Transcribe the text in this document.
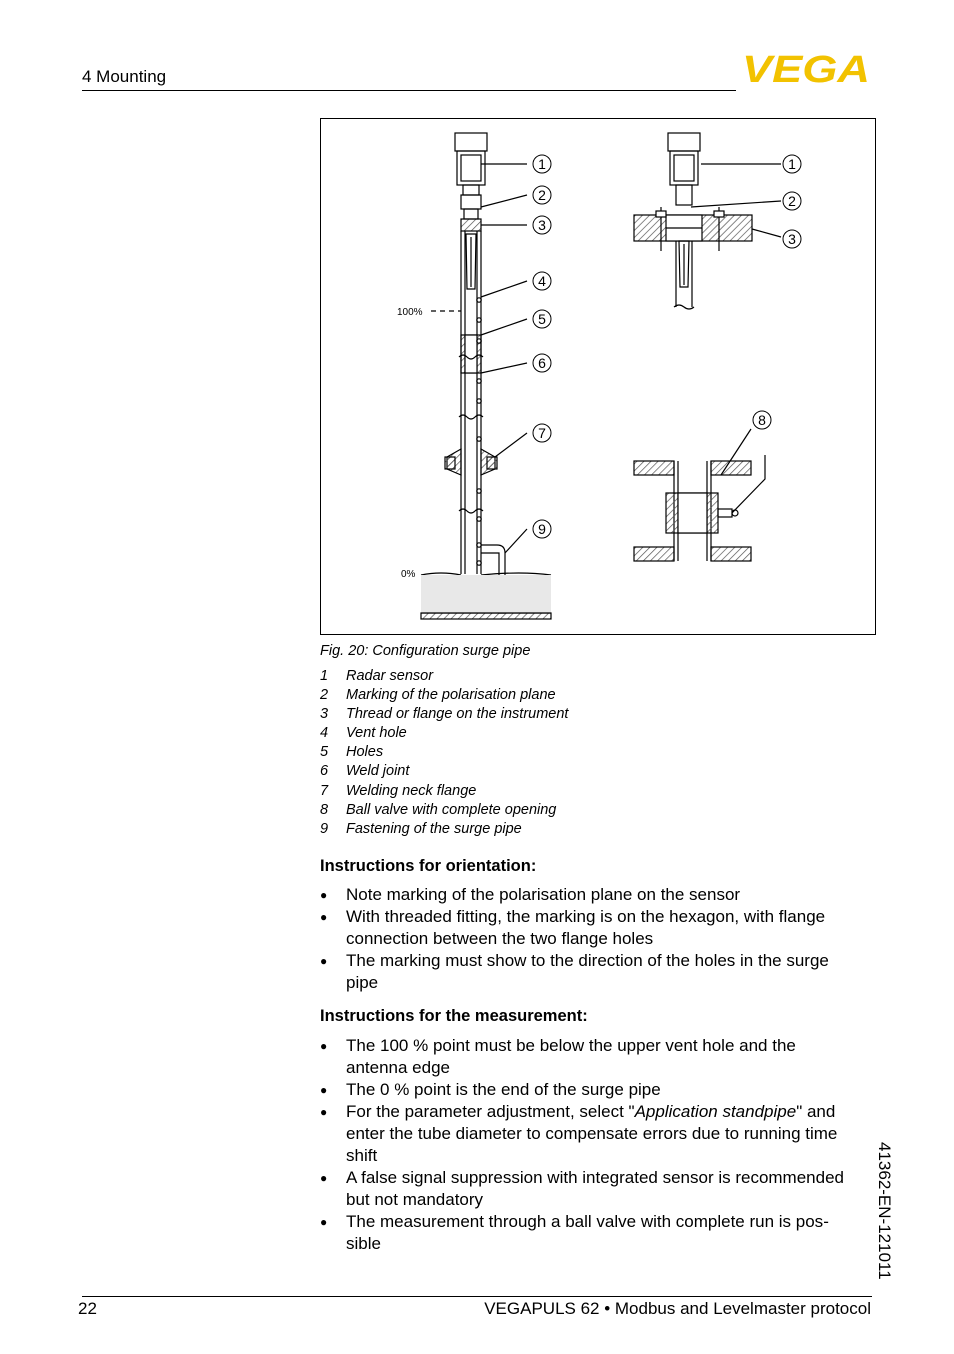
4 Mounting	VEGA
100%
0%
1
2
3
4
5
6
7
9
1
2
3
8
Fig. 20: Configuration surge pipe
1	Radar sensor
2	Marking of the polarisation plane
3	Thread or flange on the instrument
4	Vent hole
5	Holes
6	Weld joint
7	Welding neck flange
8	Ball valve with complete opening
9	Fastening of the surge pipe
Instructions for orientation:
● Note marking of the polarisation plane on the sensor
● With threaded fitting, the marking is on the hexagon, with flange connection between the two flange holes
● The marking must show to the direction of the holes in the surge pipe
Instructions for the measurement:
● The 100 % point must be below the upper vent hole and the antenna edge
● The 0 % point is the end of the surge pipe
● For the parameter adjustment, select "Application standpipe" and enter the tube diameter to compensate errors due to running time shift
● A false signal suppression with integrated sensor is recommended but not mandatory
● The measurement through a ball valve with complete run is possible	41362-EN-121011
22	VEGAPULS 62 • Modbus and Levelmaster protocol
